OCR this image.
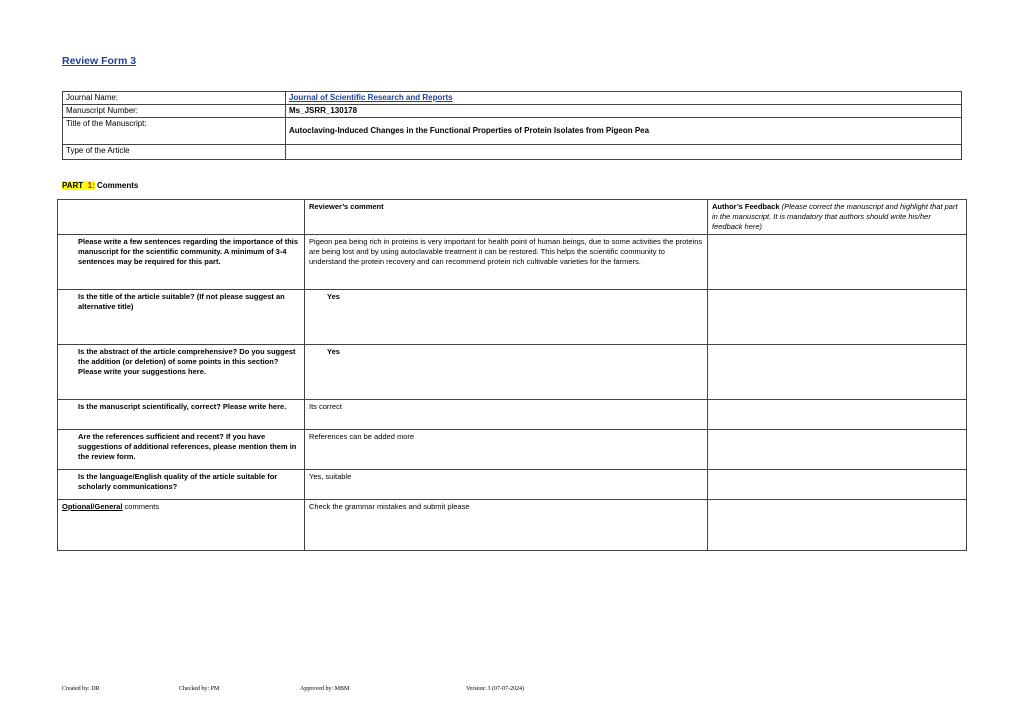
Review Form 3
Journal Name:	Journal of Scientific Research and Reports
Manuscript Number:	Ms_JSRR_130178
Title of the Manuscript:	Autoclaving-Induced Changes in the Functional Properties of Protein Isolates from Pigeon Pea
Type of the Article	
PART 1: Comments
	Reviewer’s comment	Author’s Feedback (Please correct the manuscript and highlight that part in the manuscript. It is mandatory that authors should write his/her feedback here)
Please write a few sentences regarding the importance of this manuscript for the scientific community. A minimum of 3-4 sentences may be required for this part.	Pigeon pea being rich in proteins is very important for health point of human beings, due to some activities the proteins are being lost and by using autoclavable treatment it can be restored. This helps the scientific community to understand the protein recovery and can recommend protein rich cultivable varieties for the farmers.	
Is the title of the article suitable? (If not please suggest an alternative title)	Yes	
Is the abstract of the article comprehensive? Do you suggest the addition (or deletion) of some points in this section? Please write your suggestions here.	Yes	
Is the manuscript scientifically, correct? Please write here.	Its correct	
Are the references sufficient and recent? If you have suggestions of additional references, please mention them in the review form.	References can be added more	
Is the language/English quality of the article suitable for scholarly communications?	Yes, suitable	
Optional/General comments	Check the grammar mistakes and submit please	
Created by: DR	Checked by: PM	Approved by: MBM	Version: 3 (07-07-2024)
